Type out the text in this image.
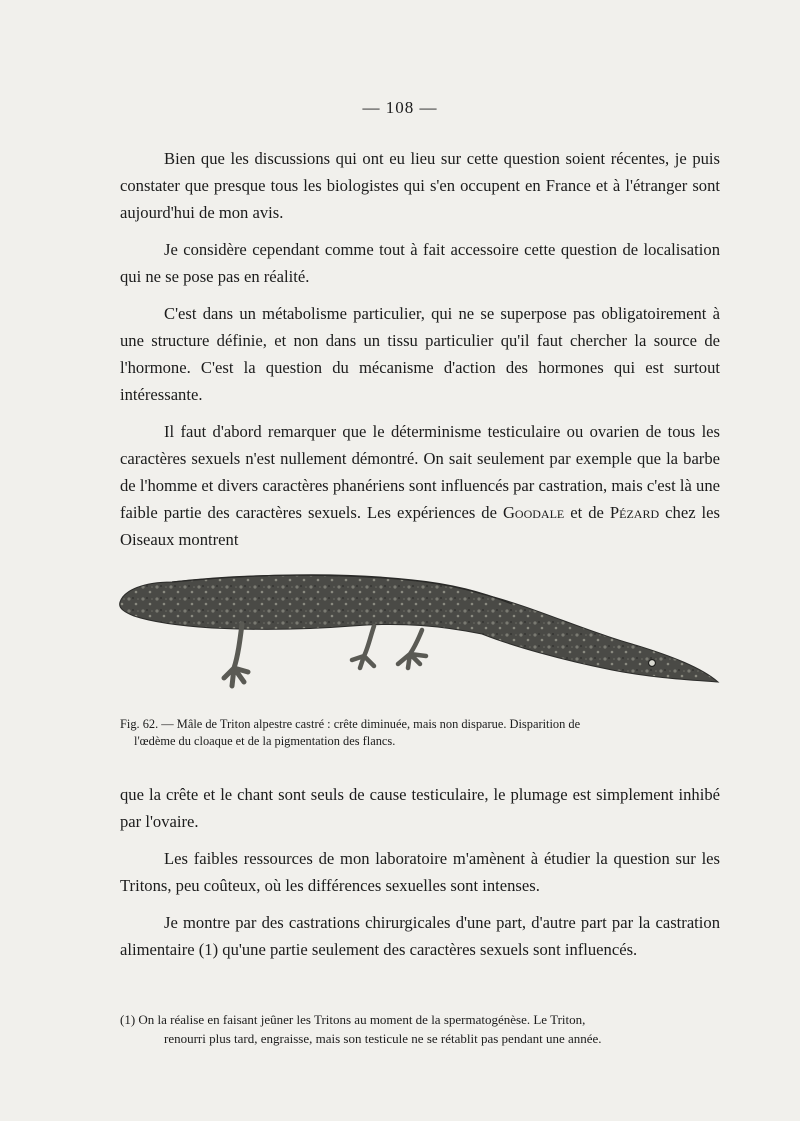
— 108 —

Bien que les discussions qui ont eu lieu sur cette question soient récentes, je puis constater que presque tous les biologistes qui s'en occupent en France et à l'étranger sont aujourd'hui de mon avis.

Je considère cependant comme tout à fait accessoire cette question de localisation qui ne se pose pas en réalité.

C'est dans un métabolisme particulier, qui ne se superpose pas obligatoirement à une structure définie, et non dans un tissu particulier qu'il faut chercher la source de l'hormone. C'est la question du mécanisme d'action des hormones qui est surtout intéressante.

Il faut d'abord remarquer que le déterminisme testiculaire ou ovarien de tous les caractères sexuels n'est nullement démontré. On sait seulement par exemple que la barbe de l'homme et divers caractères phanériens sont influencés par castration, mais c'est là une faible partie des caractères sexuels. Les expériences de Goodale et de Pézard chez les Oiseaux montrent

Fig. 62. — Mâle de Triton alpestre castré : crête diminuée, mais non disparue. Disparition de
l'œdème du cloaque et de la pigmentation des flancs.

que la crête et le chant sont seuls de cause testiculaire, le plumage est simplement inhibé par l'ovaire.

Les faibles ressources de mon laboratoire m'amènent à étudier la question sur les Tritons, peu coûteux, où les différences sexuelles sont intenses.

Je montre par des castrations chirurgicales d'une part, d'autre part par la castration alimentaire (1) qu'une partie seulement des caractères sexuels sont influencés.

(1) On la réalise en faisant jeûner les Tritons au moment de la spermatogénèse. Le Triton,
renourri plus tard, engraisse, mais son testicule ne se rétablit pas pendant une année.
